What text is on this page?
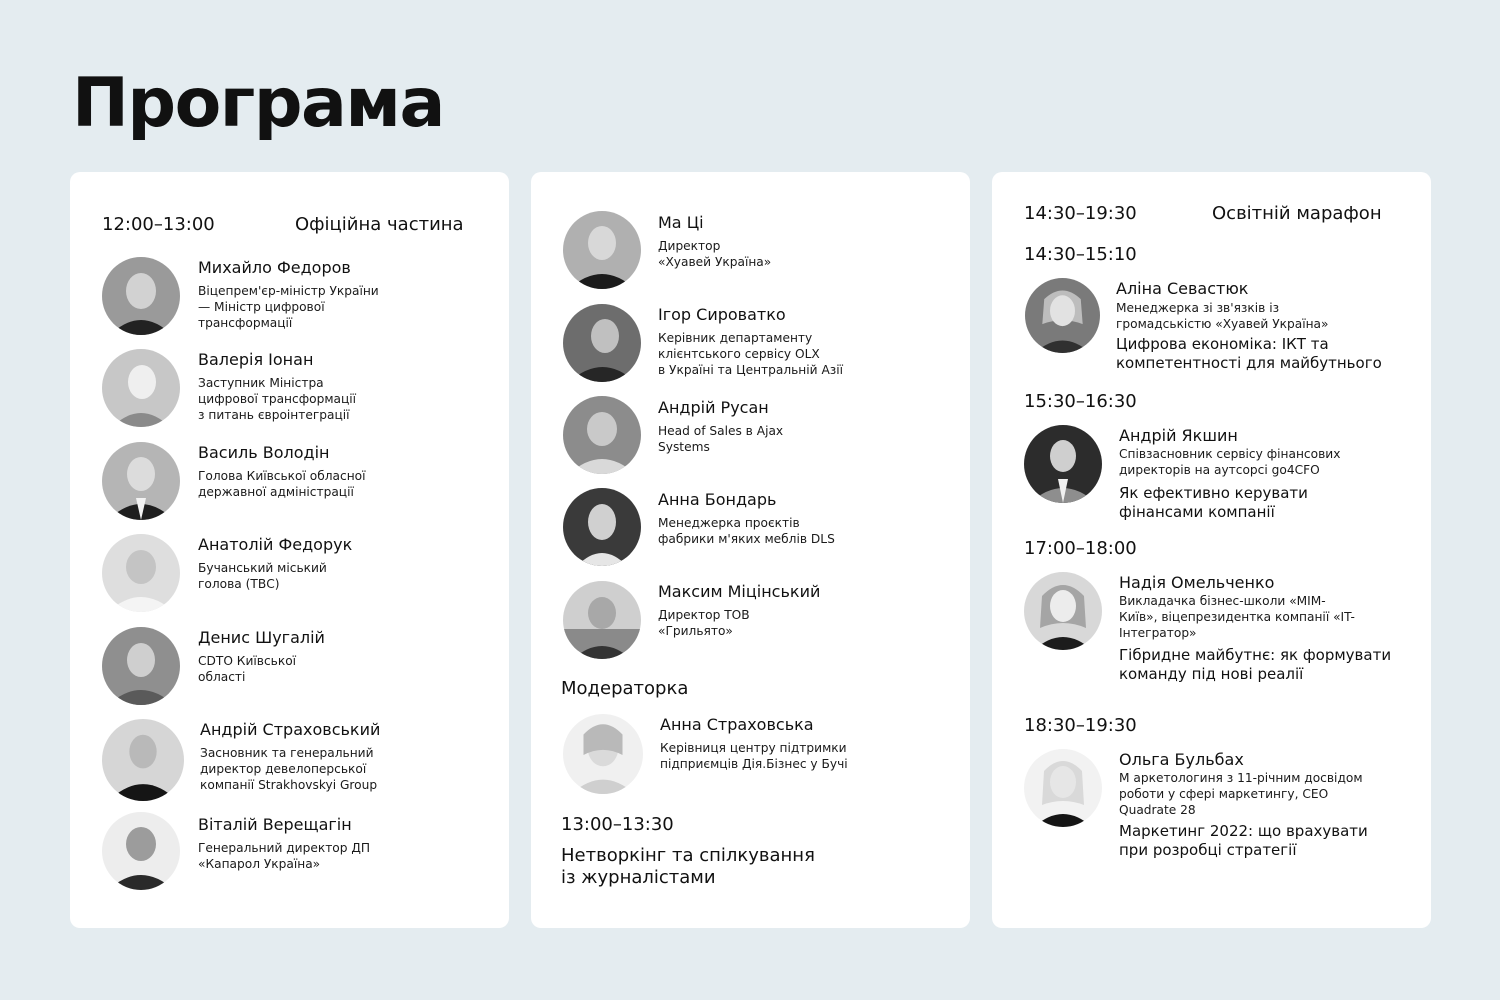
Програма
12:00–13:00	Офіційна частина
Михайло Федоров
Віцепрем'єр-міністр України
— Міністр цифрової
трансформації
Валерія Іонан
Заступник Міністра
цифрової трансформації
з питань євроінтеграції
Василь Володін
Голова Київської обласної
державної адміністрації
Анатолій Федорук
Бучанський міський
голова (ТВС)
Денис Шугалій
CDTO Київської
області
Андрій Страховський
Засновник та генеральний
директор девелоперської
компанії Strakhovskyi Group
Віталій Верещагін
Генеральний директор ДП
«Капарол Україна»
Ма Ці
Директор
«Хуавей Україна»
Ігор Сироватко
Керівник департаменту
клієнтського сервісу OLX
в Україні та Центральній Азії
Андрій Русан
Head of Sales в Ajax
Systems
Анна Бондарь
Менеджерка проєктів
фабрики м'яких меблів DLS
Максим Міцінський
Директор ТОВ
«Грильято»
Модераторка
Анна Страховська
Керівниця центру підтримки
підприємців Дія.Бізнес у Бучі
13:00–13:30
Нетворкінг та спілкування
із журналістами
14:30–19:30	Освітній марафон
14:30–15:10
Аліна Севастюк
Менеджерка зі зв'язків із
громадськістю «Хуавей Україна»
Цифрова економіка: ІКТ та
компетентності для майбутнього
15:30–16:30
Андрій Якшин
Співзасновник сервісу фінансових
директорів на аутсорсі go4CFO
Як ефективно керувати
фінансами компанії
17:00–18:00
Надія Омельченко
Викладачка бізнес-школи «МІМ-
Київ», віцепрезидентка компанії «IT-
Інтегратор»
Гібридне майбутнє: як формувати
команду під нові реалії
18:30–19:30
Ольга Бульбах
М аркетологиня з 11-річним досвідом
роботи у сфері маркетингу, CEO
Quadrate 28
Маркетинг 2022: що врахувати
при розробці стратегії
